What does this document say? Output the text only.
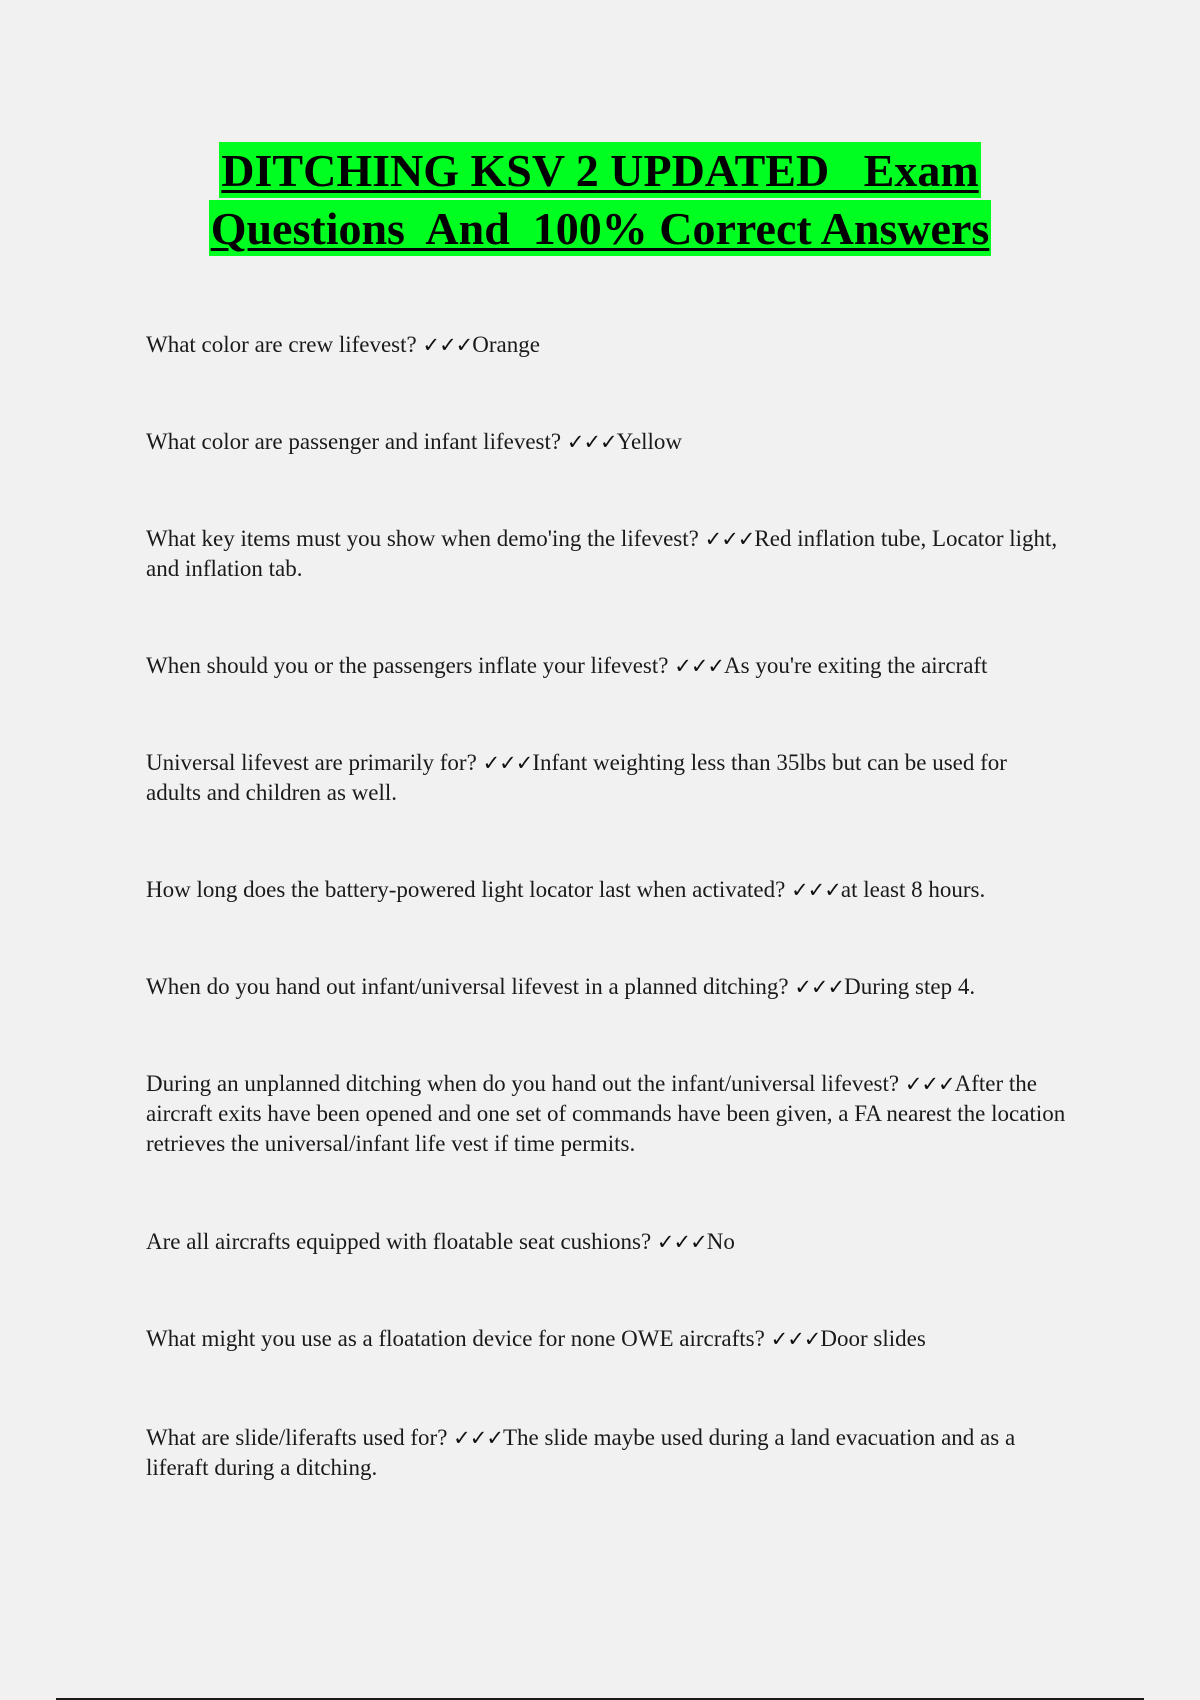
DITCHING KSV 2 UPDATED   Exam
Questions  And  100% Correct Answers
What color are crew lifevest? ✓✓✓Orange
What color are passenger and infant lifevest? ✓✓✓Yellow
What key items must you show when demo'ing the lifevest? ✓✓✓Red inflation tube, Locator light, and inflation tab.
When should you or the passengers inflate your lifevest? ✓✓✓As you're exiting the aircraft
Universal lifevest are primarily for? ✓✓✓Infant weighting less than 35lbs but can be used for adults and children as well.
How long does the battery-powered light locator last when activated? ✓✓✓at least 8 hours.
When do you hand out infant/universal lifevest in a planned ditching? ✓✓✓During step 4.
During an unplanned ditching when do you hand out the infant/universal lifevest? ✓✓✓After the aircraft exits have been opened and one set of commands have been given, a FA nearest the location retrieves the universal/infant life vest if time permits.
Are all aircrafts equipped with floatable seat cushions? ✓✓✓No
What might you use as a floatation device for none OWE aircrafts? ✓✓✓Door slides
What are slide/liferafts used for? ✓✓✓The slide maybe used during a land evacuation and as a liferaft during a ditching.
